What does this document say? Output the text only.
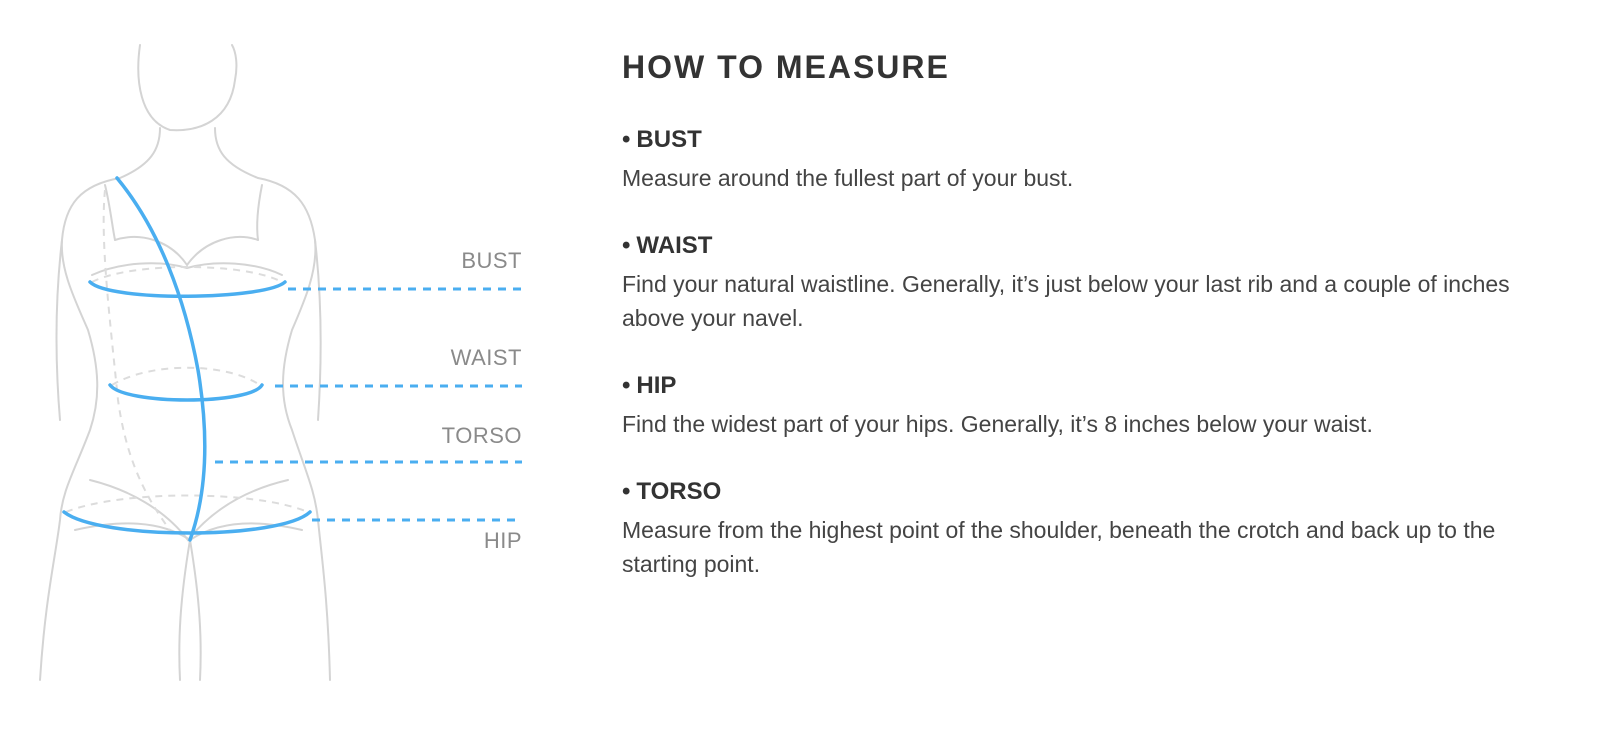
BUST
WAIST
TORSO
HIP
HOW TO MEASURE
• BUST

Measure around the fullest part of your bust.

• WAIST

Find your natural waistline. Generally, it’s just below your last rib and a couple of inches above your navel.

• HIP

Find the widest part of your hips. Generally, it’s 8 inches below your waist.

• TORSO

Measure from the highest point of the shoulder, beneath the crotch and back up to the starting point.
